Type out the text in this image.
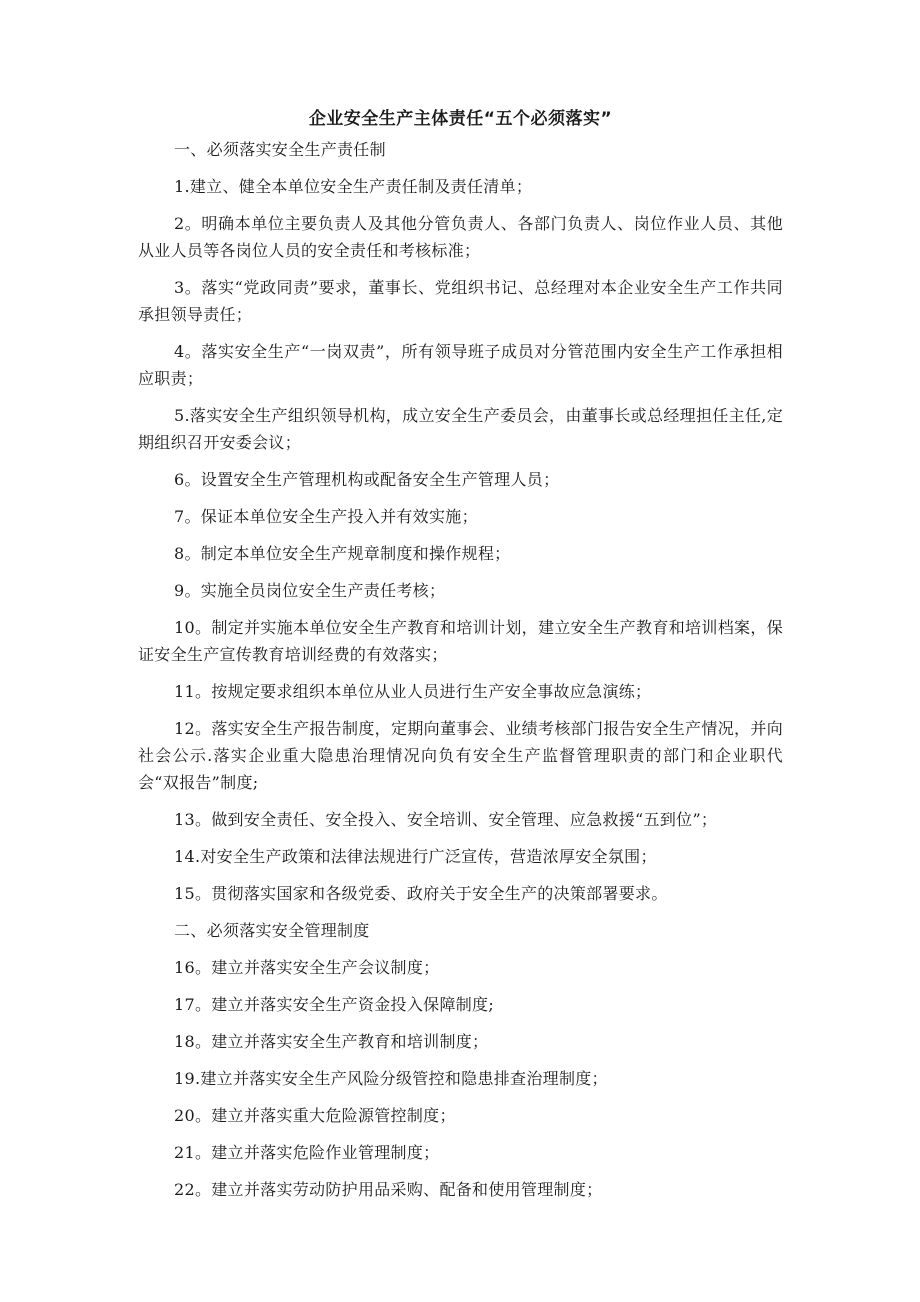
企业安全生产主体责任“五个必须落实”
一、必须落实安全生产责任制
1.建立、健全本单位安全生产责任制及责任清单；
2。明确本单位主要负责人及其他分管负责人、各部门负责人、岗位作业人员、其他从业人员等各岗位人员的安全责任和考核标准；
3。落实“党政同责”要求，董事长、党组织书记、总经理对本企业安全生产工作共同承担领导责任；
4。落实安全生产“一岗双责”，所有领导班子成员对分管范围内安全生产工作承担相应职责；
5.落实安全生产组织领导机构，成立安全生产委员会，由董事长或总经理担任主任,定期组织召开安委会议；
6。设置安全生产管理机构或配备安全生产管理人员；
7。保证本单位安全生产投入并有效实施；
8。制定本单位安全生产规章制度和操作规程；
9。实施全员岗位安全生产责任考核；
10。制定并实施本单位安全生产教育和培训计划，建立安全生产教育和培训档案，保证安全生产宣传教育培训经费的有效落实；
11。按规定要求组织本单位从业人员进行生产安全事故应急演练；
12。落实安全生产报告制度，定期向董事会、业绩考核部门报告安全生产情况，并向社会公示.落实企业重大隐患治理情况向负有安全生产监督管理职责的部门和企业职代会“双报告”制度;
13。做到安全责任、安全投入、安全培训、安全管理、应急救援“五到位”；
14.对安全生产政策和法律法规进行广泛宣传，营造浓厚安全氛围；
15。贯彻落实国家和各级党委、政府关于安全生产的决策部署要求。
二、必须落实安全管理制度
16。建立并落实安全生产会议制度；
17。建立并落实安全生产资金投入保障制度;
18。建立并落实安全生产教育和培训制度；
19.建立并落实安全生产风险分级管控和隐患排查治理制度；
20。建立并落实重大危险源管控制度；
21。建立并落实危险作业管理制度；
22。建立并落实劳动防护用品采购、配备和使用管理制度；
